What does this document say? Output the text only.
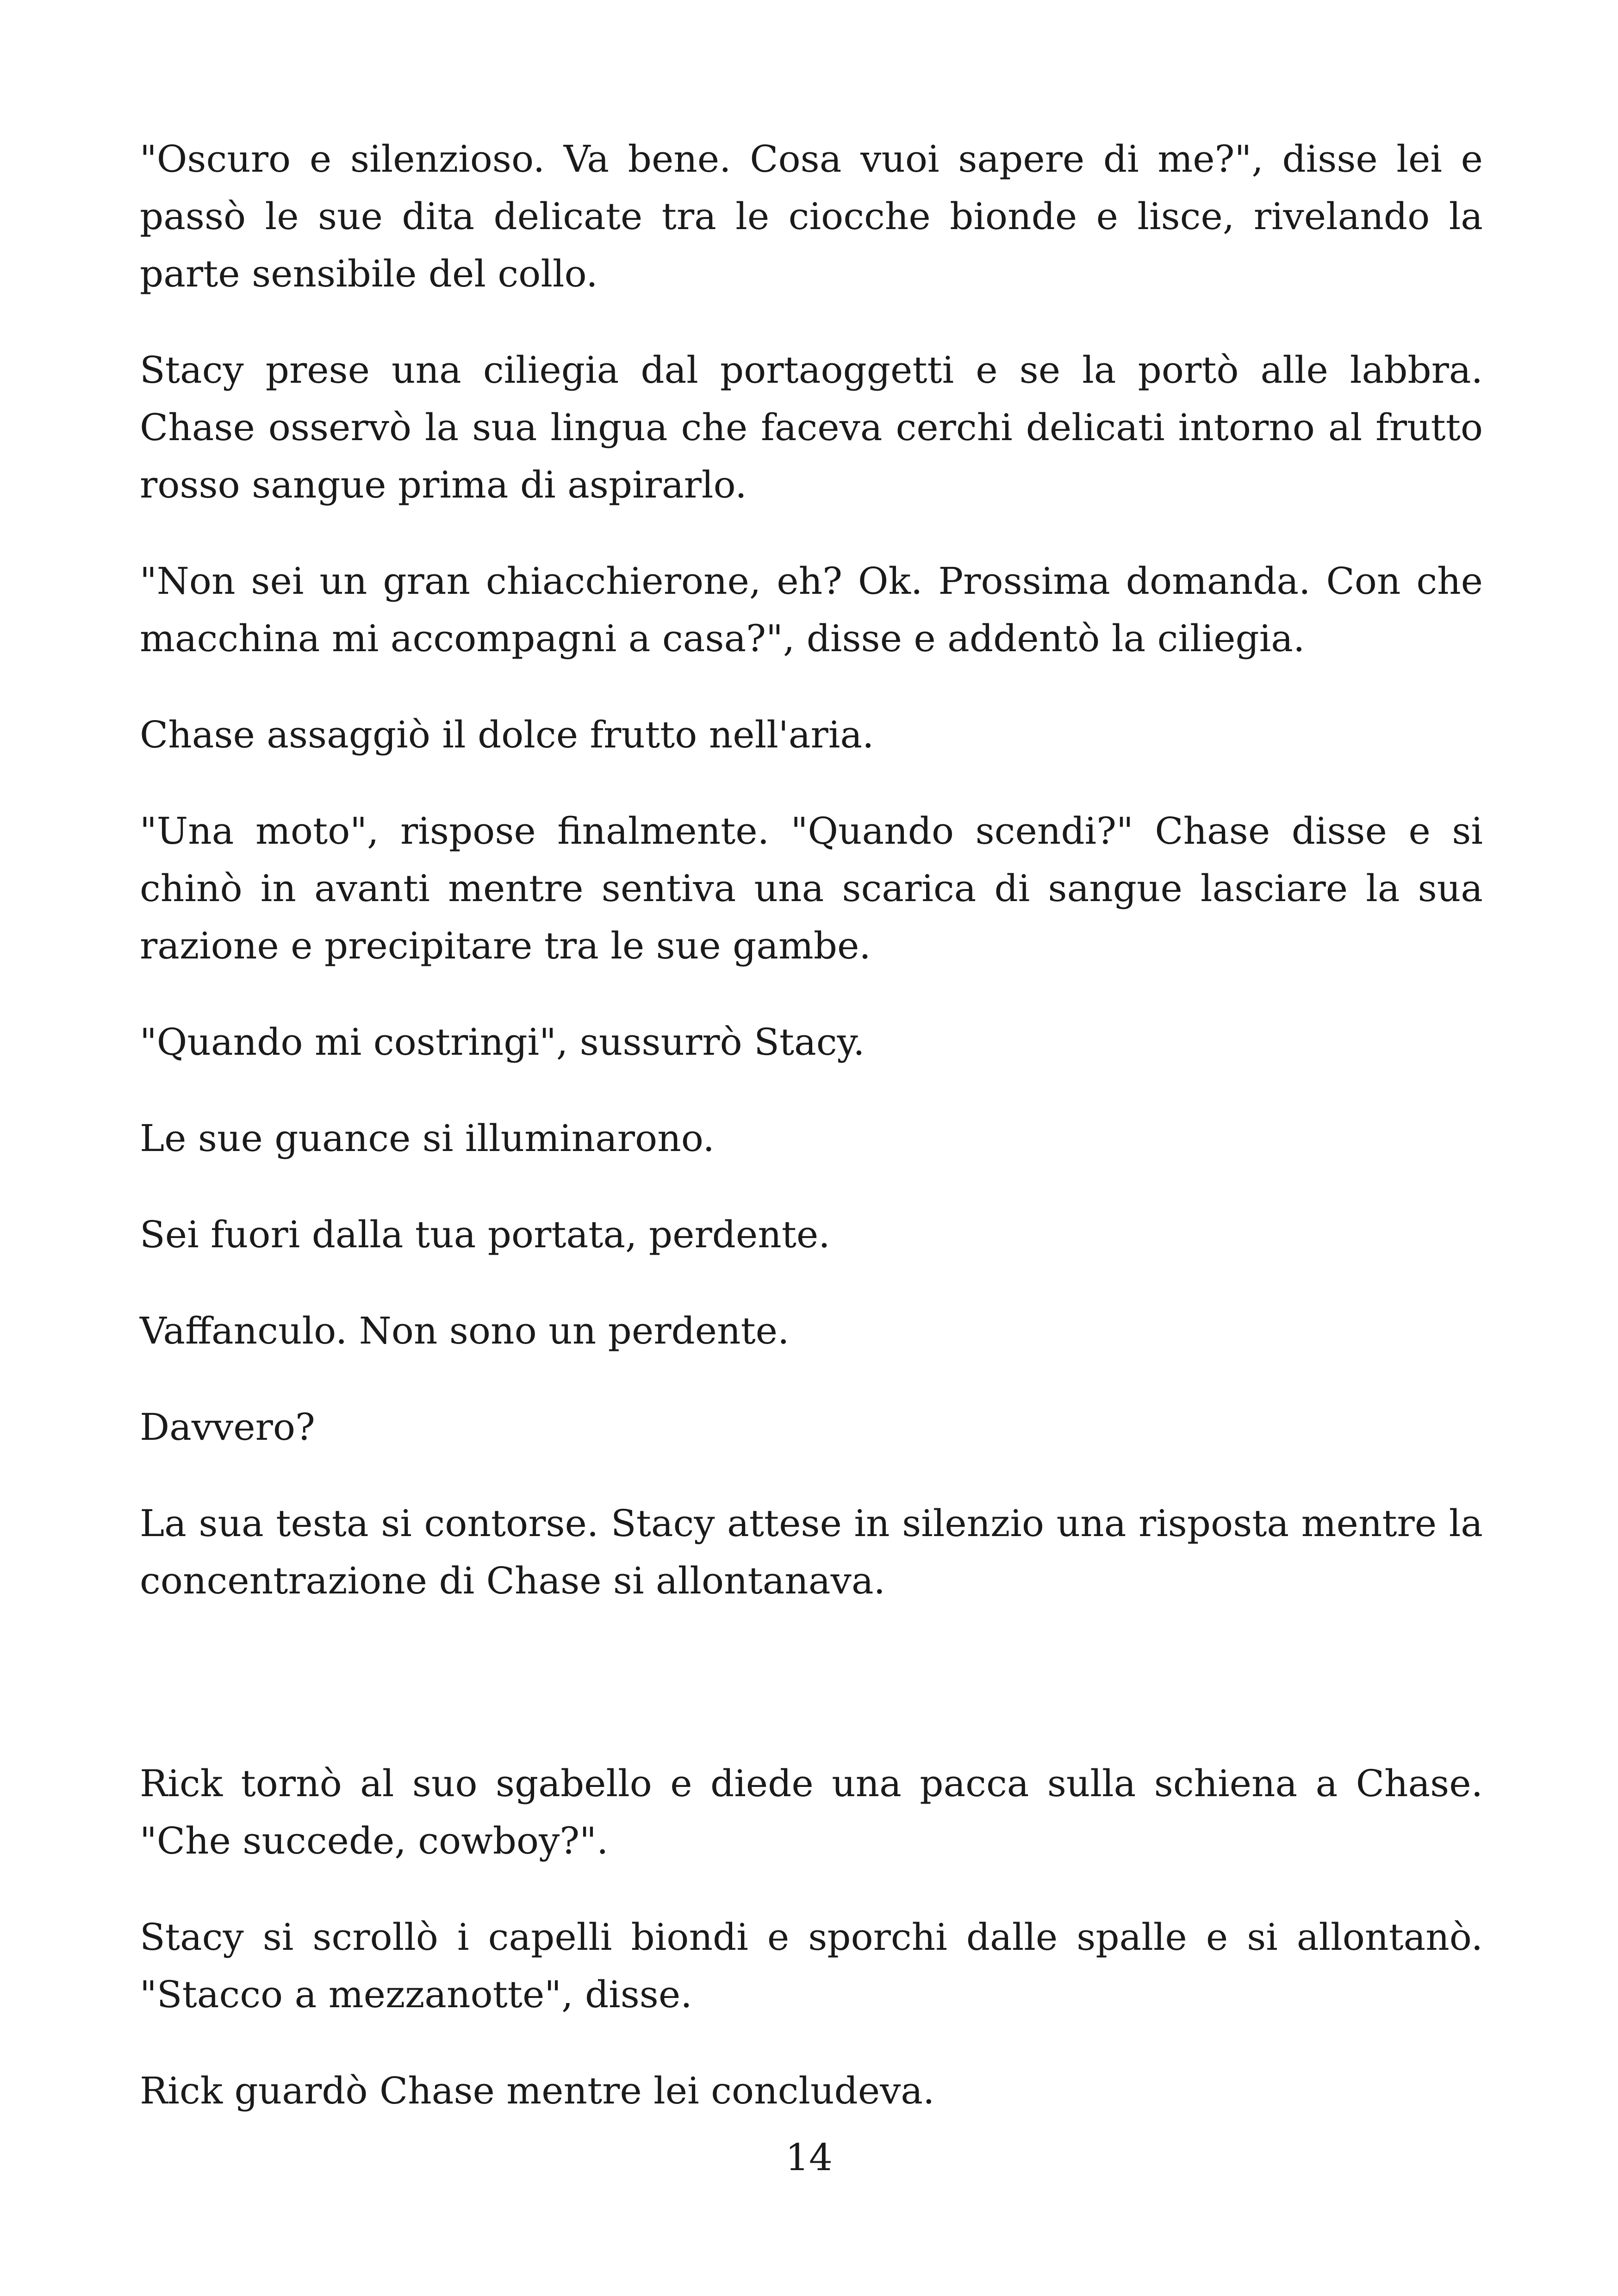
"Oscuro e silenzioso. Va bene. Cosa vuoi sapere di me?", disse lei e passò le sue dita delicate tra le ciocche bionde e lisce, rivelando la parte sensibile del collo.

Stacy prese una ciliegia dal portaoggetti e se la portò alle labbra. Chase osservò la sua lingua che faceva cerchi delicati intorno al frutto rosso sangue prima di aspirarlo.

"Non sei un gran chiacchierone, eh? Ok. Prossima domanda. Con che macchina mi accompagni a casa?", disse e addentò la ciliegia.

Chase assaggiò il dolce frutto nell'aria.

"Una moto", rispose finalmente. "Quando scendi?" Chase disse e si chinò in avanti mentre sentiva una scarica di sangue lasciare la sua razione e precipitare tra le sue gambe.

"Quando mi costringi", sussurrò Stacy.

Le sue guance si illuminarono.

Sei fuori dalla tua portata, perdente.

Vaffanculo. Non sono un perdente.

Davvero?

La sua testa si contorse. Stacy attese in silenzio una risposta mentre la concentrazione di Chase si allontanava.

Rick tornò al suo sgabello e diede una pacca sulla schiena a Chase. "Che succede, cowboy?".

Stacy si scrollò i capelli biondi e sporchi dalle spalle e si allontanò. "Stacco a mezzanotte", disse.

Rick guardò Chase mentre lei concludeva.

14
